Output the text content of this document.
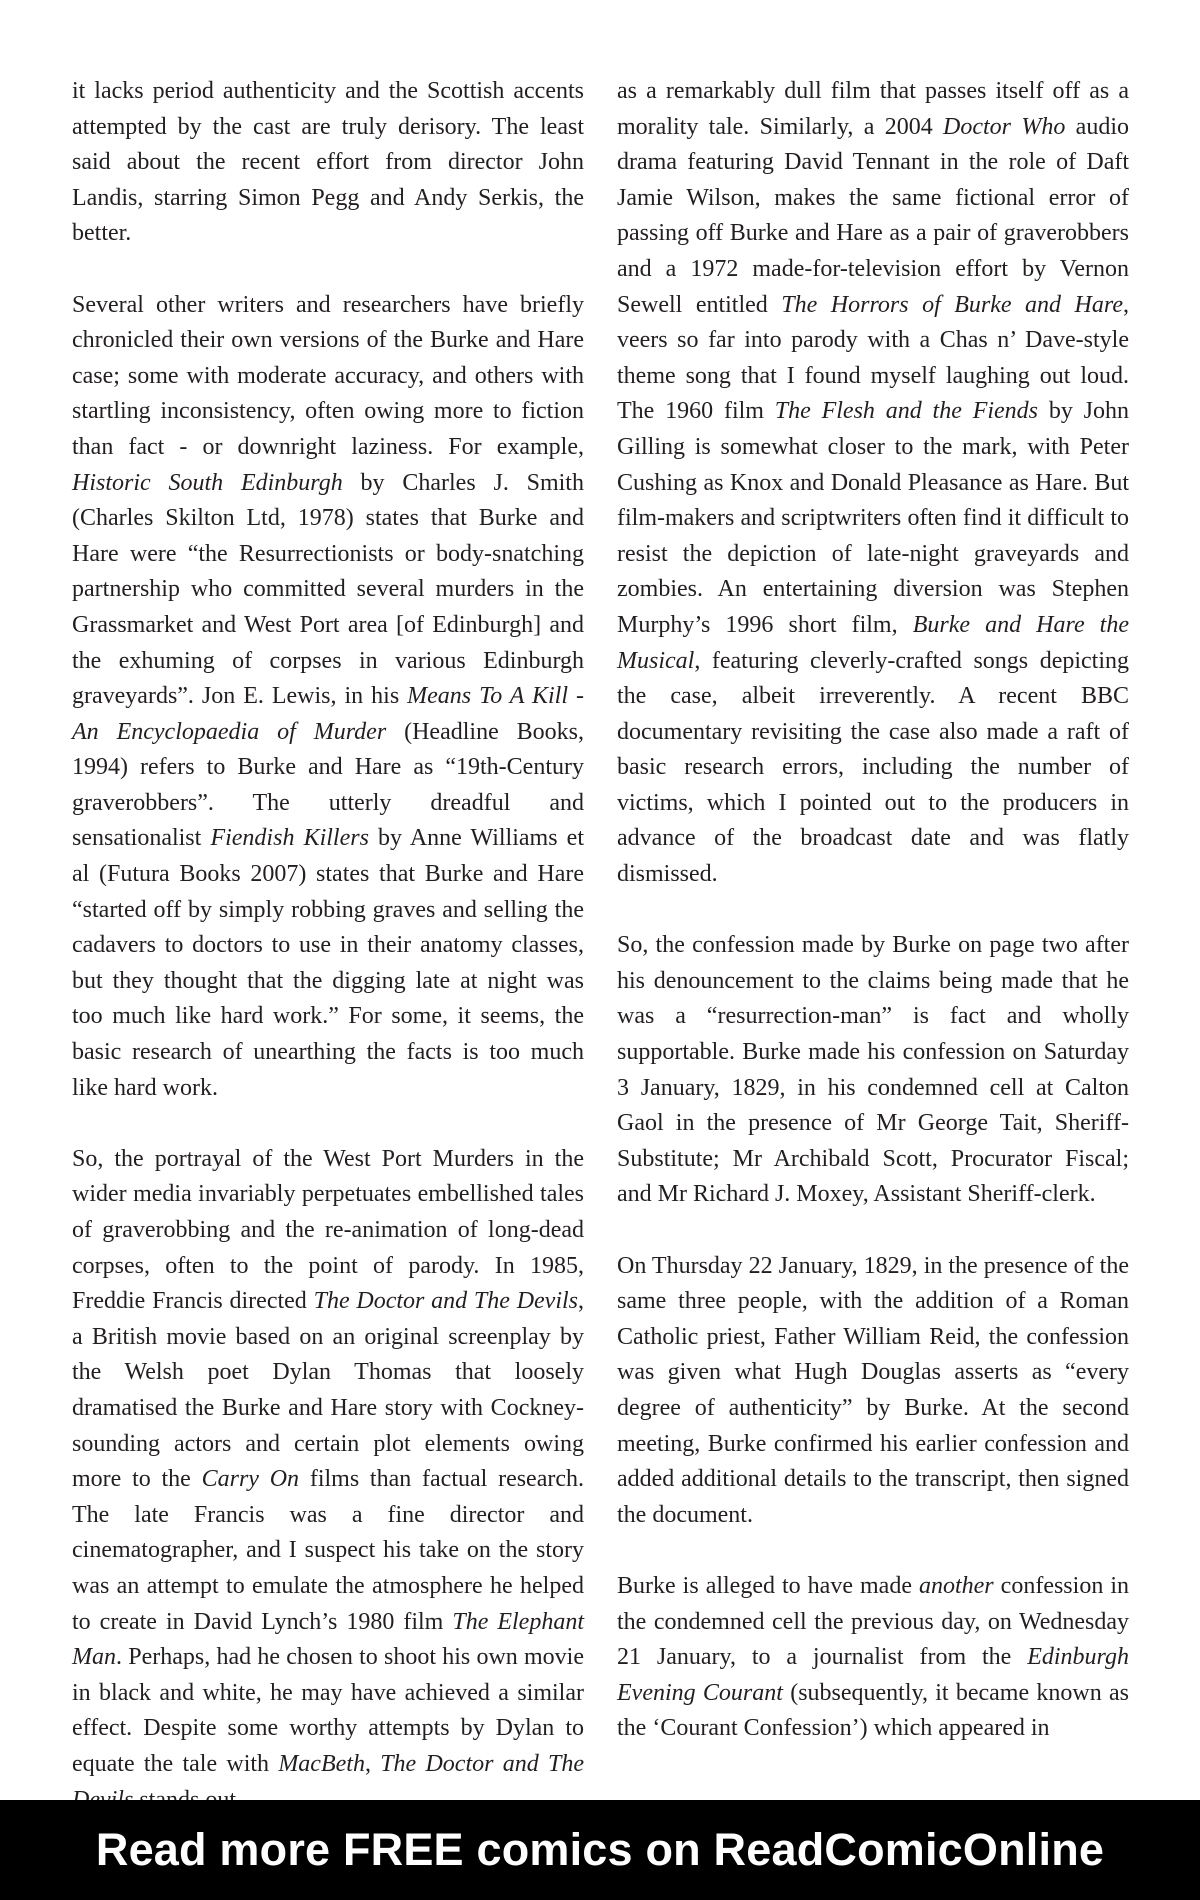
it lacks period authenticity and the Scottish accents attempted by the cast are truly derisory. The least said about the recent effort from director John Landis, starring Simon Pegg and Andy Serkis, the better.

Several other writers and researchers have briefly chronicled their own versions of the Burke and Hare case; some with moderate accuracy, and others with startling inconsistency, often owing more to fiction than fact - or downright laziness. For example, Historic South Edinburgh by Charles J. Smith (Charles Skilton Ltd, 1978) states that Burke and Hare were “the Resurrectionists or body-snatching partnership who committed several murders in the Grassmarket and West Port area [of Edinburgh] and the exhuming of corpses in various Edinburgh graveyards”. Jon E. Lewis, in his Means To A Kill - An Encyclopaedia of Murder (Headline Books, 1994) refers to Burke and Hare as “19th-Century graverobbers”. The utterly dreadful and sensationalist Fiendish Killers by Anne Williams et al (Futura Books 2007) states that Burke and Hare “started off by simply robbing graves and selling the cadavers to doctors to use in their anatomy classes, but they thought that the digging late at night was too much like hard work.” For some, it seems, the basic research of unearthing the facts is too much like hard work.

So, the portrayal of the West Port Murders in the wider media invariably perpetuates embellished tales of graverobbing and the re-animation of long-dead corpses, often to the point of parody. In 1985, Freddie Francis directed The Doctor and The Devils, a British movie based on an original screenplay by the Welsh poet Dylan Thomas that loosely dramatised the Burke and Hare story with Cockney-sounding actors and certain plot elements owing more to the Carry On films than factual research. The late Francis was a fine director and cinematographer, and I suspect his take on the story was an attempt to emulate the atmosphere he helped to create in David Lynch’s 1980 film The Elephant Man. Perhaps, had he chosen to shoot his own movie in black and white, he may have achieved a similar effect. Despite some worthy attempts by Dylan to equate the tale with MacBeth, The Doctor and The

as a remarkably dull film that passes itself off as a morality tale. Similarly, a 2004 Doctor Who audio drama featuring David Tennant in the role of Daft Jamie Wilson, makes the same fictional error of passing off Burke and Hare as a pair of graverobbers and a 1972 made-for-television effort by Vernon Sewell entitled The Horrors of Burke and Hare, veers so far into parody with a Chas n’ Dave-style theme song that I found myself laughing out loud. The 1960 film The Flesh and the Fiends by John Gilling is somewhat closer to the mark, with Peter Cushing as Knox and Donald Pleasance as Hare. But film-makers and scriptwriters often find it difficult to resist the depiction of late-night graveyards and zombies. An entertaining diversion was Stephen Murphy’s 1996 short film, Burke and Hare the Musical, featuring cleverly-crafted songs depicting the case, albeit irreverently. A recent BBC documentary revisiting the case also made a raft of basic research errors, including the number of victims, which I pointed out to the producers in advance of the broadcast date and was flatly dismissed.

So, the confession made by Burke on page two after his denouncement to the claims being made that he was a “resurrection-man” is fact and wholly supportable. Burke made his confession on Saturday 3 January, 1829, in his condemned cell at Calton Gaol in the presence of Mr George Tait, Sheriff-Substitute; Mr Archibald Scott, Procurator Fiscal; and Mr Richard J. Moxey, Assistant Sheriff-clerk.

On Thursday 22 January, 1829, in the presence of the same three people, with the addition of a Roman Catholic priest, Father William Reid, the confession was given what Hugh Douglas asserts as “every degree of authenticity” by Burke. At the second meeting, Burke confirmed his earlier confession and added additional details to the transcript, then signed the document.

Burke is alleged to have made another confession in the condemned cell the previous day, on Wednesday 21 January, to a journalist from the Edinburgh Evening Courant (subsequently, it became known as the ‘Courant Confession’) which appeared in

Read more FREE comics on ReadComicOnline
